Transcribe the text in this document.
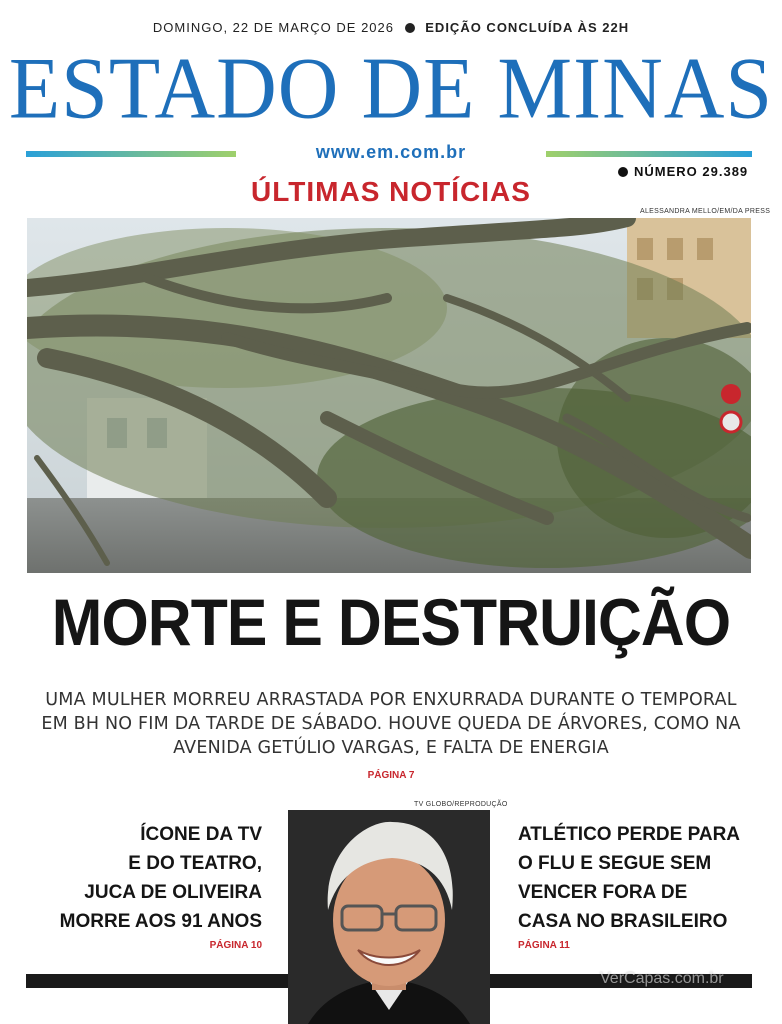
DOMINGO, 22 DE MARÇO DE 2026 EDIÇÃO CONCLUÍDA ÀS 22H
ESTADO DE MINAS
www.em.com.br
NÚMERO 29.389
ÚLTIMAS NOTÍCIAS
ALESSANDRA MELLO/EM/DA PRESS
MORTE E DESTRUIÇÃO
UMA MULHER MORREU ARRASTADA POR ENXURRADA DURANTE O TEMPORAL EM BH NO FIM DA TARDE DE SÁBADO. HOUVE QUEDA DE ÁRVORES, COMO NA AVENIDA GETÚLIO VARGAS, E FALTA DE ENERGIA
PÁGINA 7
ÍCONE DA TV
E DO TEATRO,
JUCA DE OLIVEIRA
MORRE AOS 91 ANOS
PÁGINA 10
TV GLOBO/REPRODUÇÃO
ATLÉTICO PERDE PARA
O FLU E SEGUE SEM
VENCER FORA DE
CASA NO BRASILEIRO
PÁGINA 11
VerCapas.com.br
